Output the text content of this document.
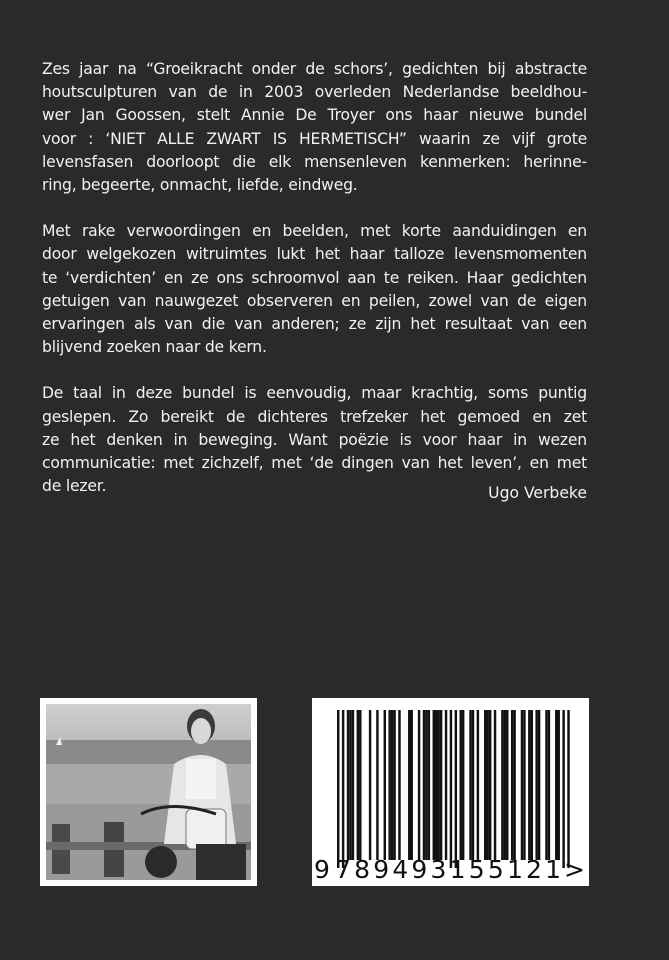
Zes jaar na “Groeikracht onder de schors’, gedichten bij abstracte
houtsculpturen van de in 2003 overleden Nederlandse beeldhou-
wer Jan Goossen, stelt Annie De Troyer ons haar nieuwe bundel
voor : ‘NIET ALLE ZWART IS HERMETISCH” waarin ze vijf grote
levensfasen doorloopt die elk mensenleven kenmerken: herinne-
ring, begeerte, onmacht, liefde, eindweg.
Met rake verwoordingen en beelden, met korte aanduidingen en
door welgekozen witruimtes lukt het haar talloze levensmomenten
te ‘verdichten’ en ze ons schroomvol aan te reiken. Haar gedichten
getuigen van nauwgezet observeren en peilen, zowel van de eigen
ervaringen als van die van anderen; ze zijn het resultaat van een
blijvend zoeken naar de kern.
De taal in deze bundel is eenvoudig, maar krachtig, soms puntig
geslepen. Zo bereikt de dichteres trefzeker het gemoed en zet
ze het denken in beweging. Want poëzie is voor haar in wezen
communicatie: met zichzelf, met ‘de dingen van het leven’, en met
de lezer.	Ugo Verbeke
9 789493155121 >
